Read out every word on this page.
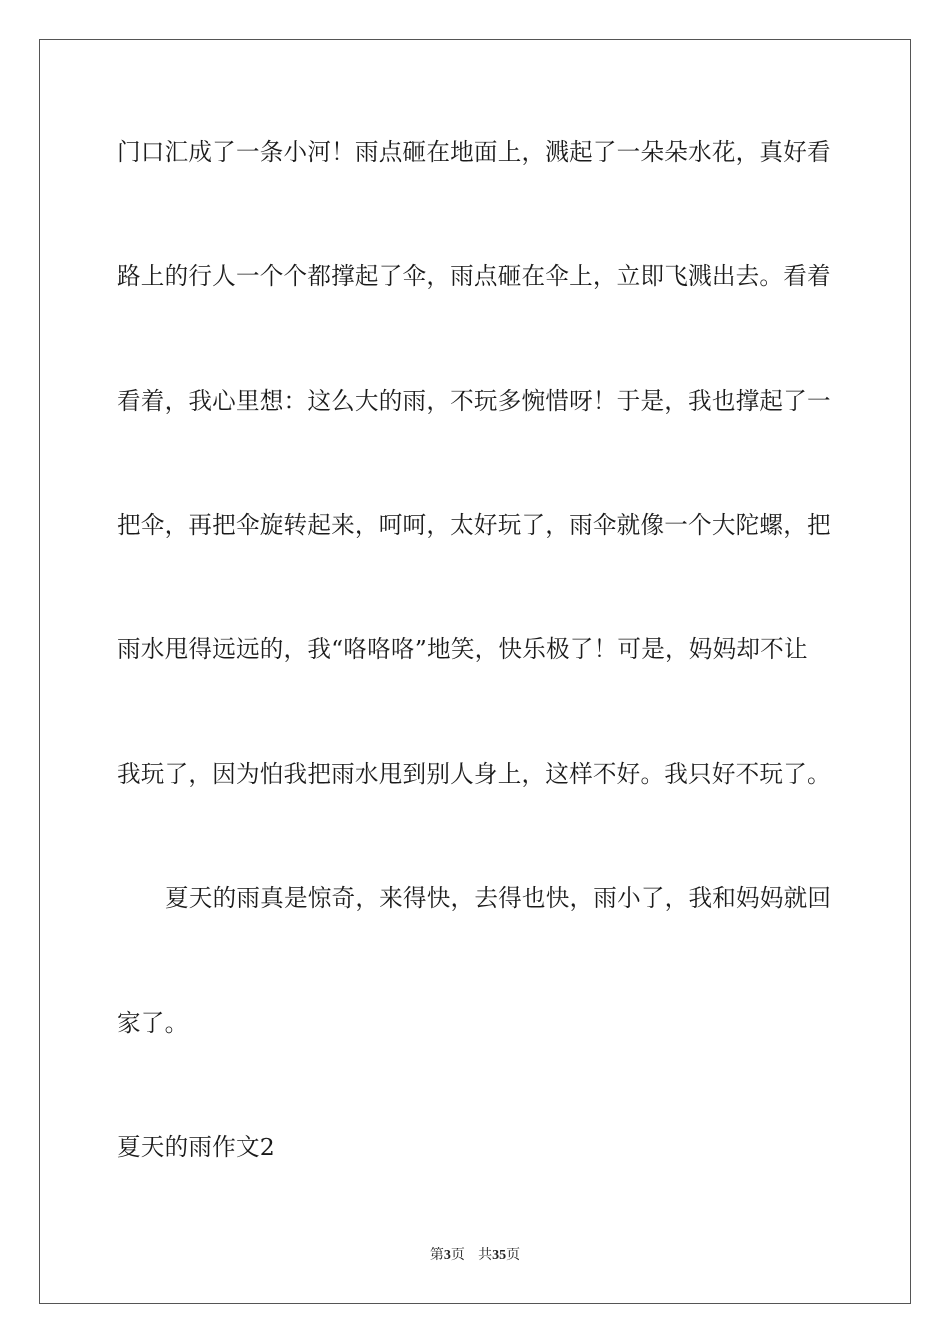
门口汇成了一条小河！雨点砸在地面上，溅起了一朵朵水花，真好看
路上的行人一个个都撑起了伞，雨点砸在伞上，立即飞溅出去。看着
看着，我心里想：这么大的雨，不玩多惋惜呀！于是，我也撑起了一
把伞，再把伞旋转起来，呵呵，太好玩了，雨伞就像一个大陀螺，把
雨水甩得远远的，我“咯咯咯”地笑，快乐极了！可是，妈妈却不让
我玩了，因为怕我把雨水甩到别人身上，这样不好。我只好不玩了。
夏天的雨真是惊奇，来得快，去得也快，雨小了，我和妈妈就回
家了。
夏天的雨作文2
第3页 共35页
